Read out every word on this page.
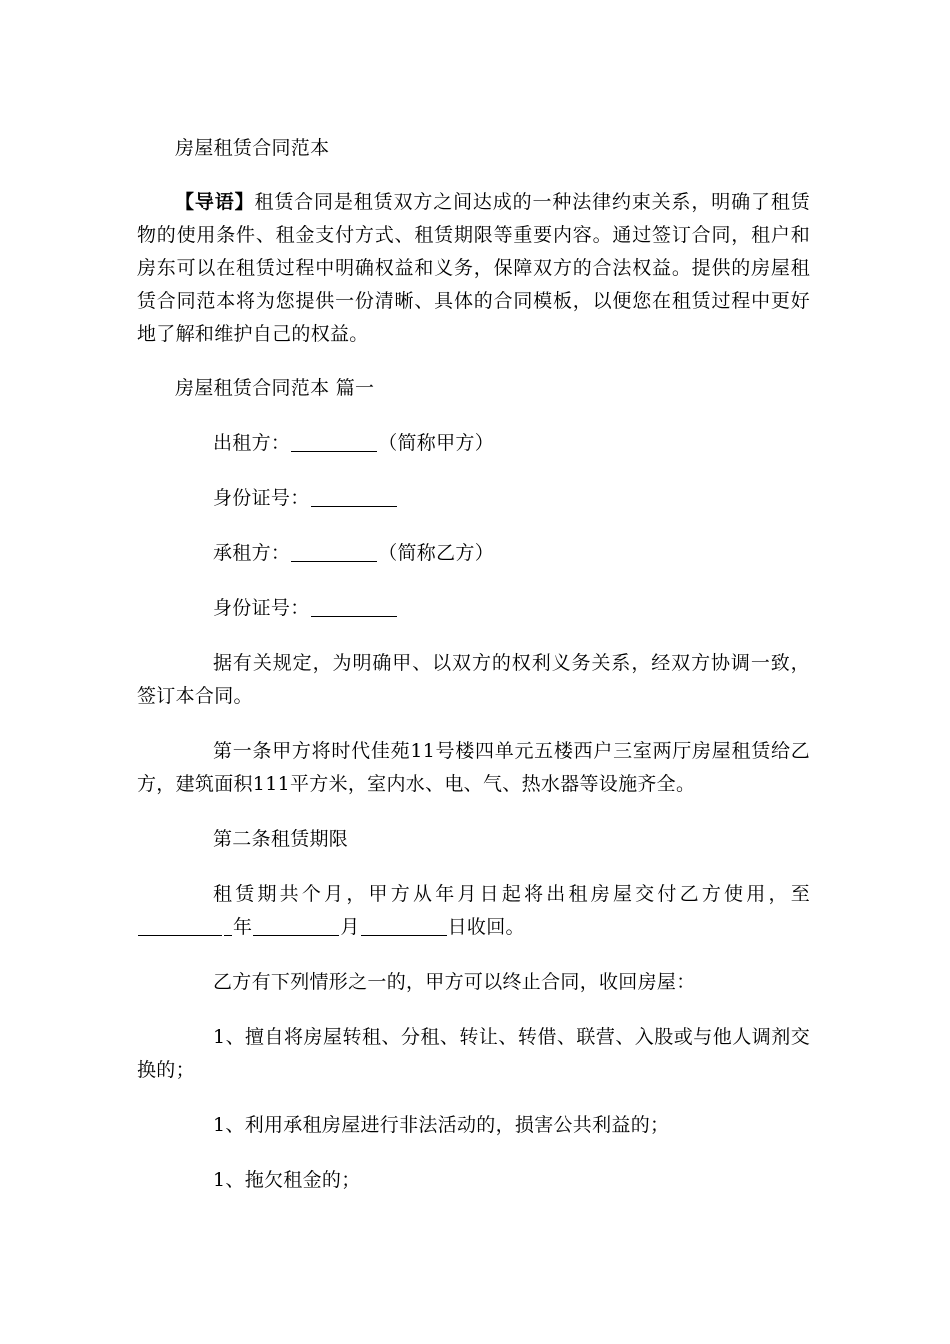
房屋租赁合同范本

【导语】租赁合同是租赁双方之间达成的一种法律约束关系，明确了租赁物的使用条件、租金支付方式、租赁期限等重要内容。通过签订合同，租户和房东可以在租赁过程中明确权益和义务，保障双方的合法权益。提供的房屋租赁合同范本将为您提供一份清晰、具体的合同模板，以便您在租赁过程中更好地了解和维护自己的权益。

房屋租赁合同范本 篇一

出租方：	（简称甲方）

身份证号：

承租方：	（简称乙方）

身份证号：

据有关规定，为明确甲、以双方的权利义务关系，经双方协调一致，签订本合同。

第一条甲方将时代佳苑11号楼四单元五楼西户三室两厅房屋租赁给乙方，建筑面积111平方米，室内水、电、气、热水器等设施齐全。

第二条租赁期限

租赁期共个月，甲方从年月日起将出租房屋交付乙方使用，至年	月	日收回。

乙方有下列情形之一的，甲方可以终止合同，收回房屋：

1、擅自将房屋转租、分租、转让、转借、联营、入股或与他人调剂交换的；

1、利用承租房屋进行非法活动的，损害公共利益的；

1、拖欠租金的；
